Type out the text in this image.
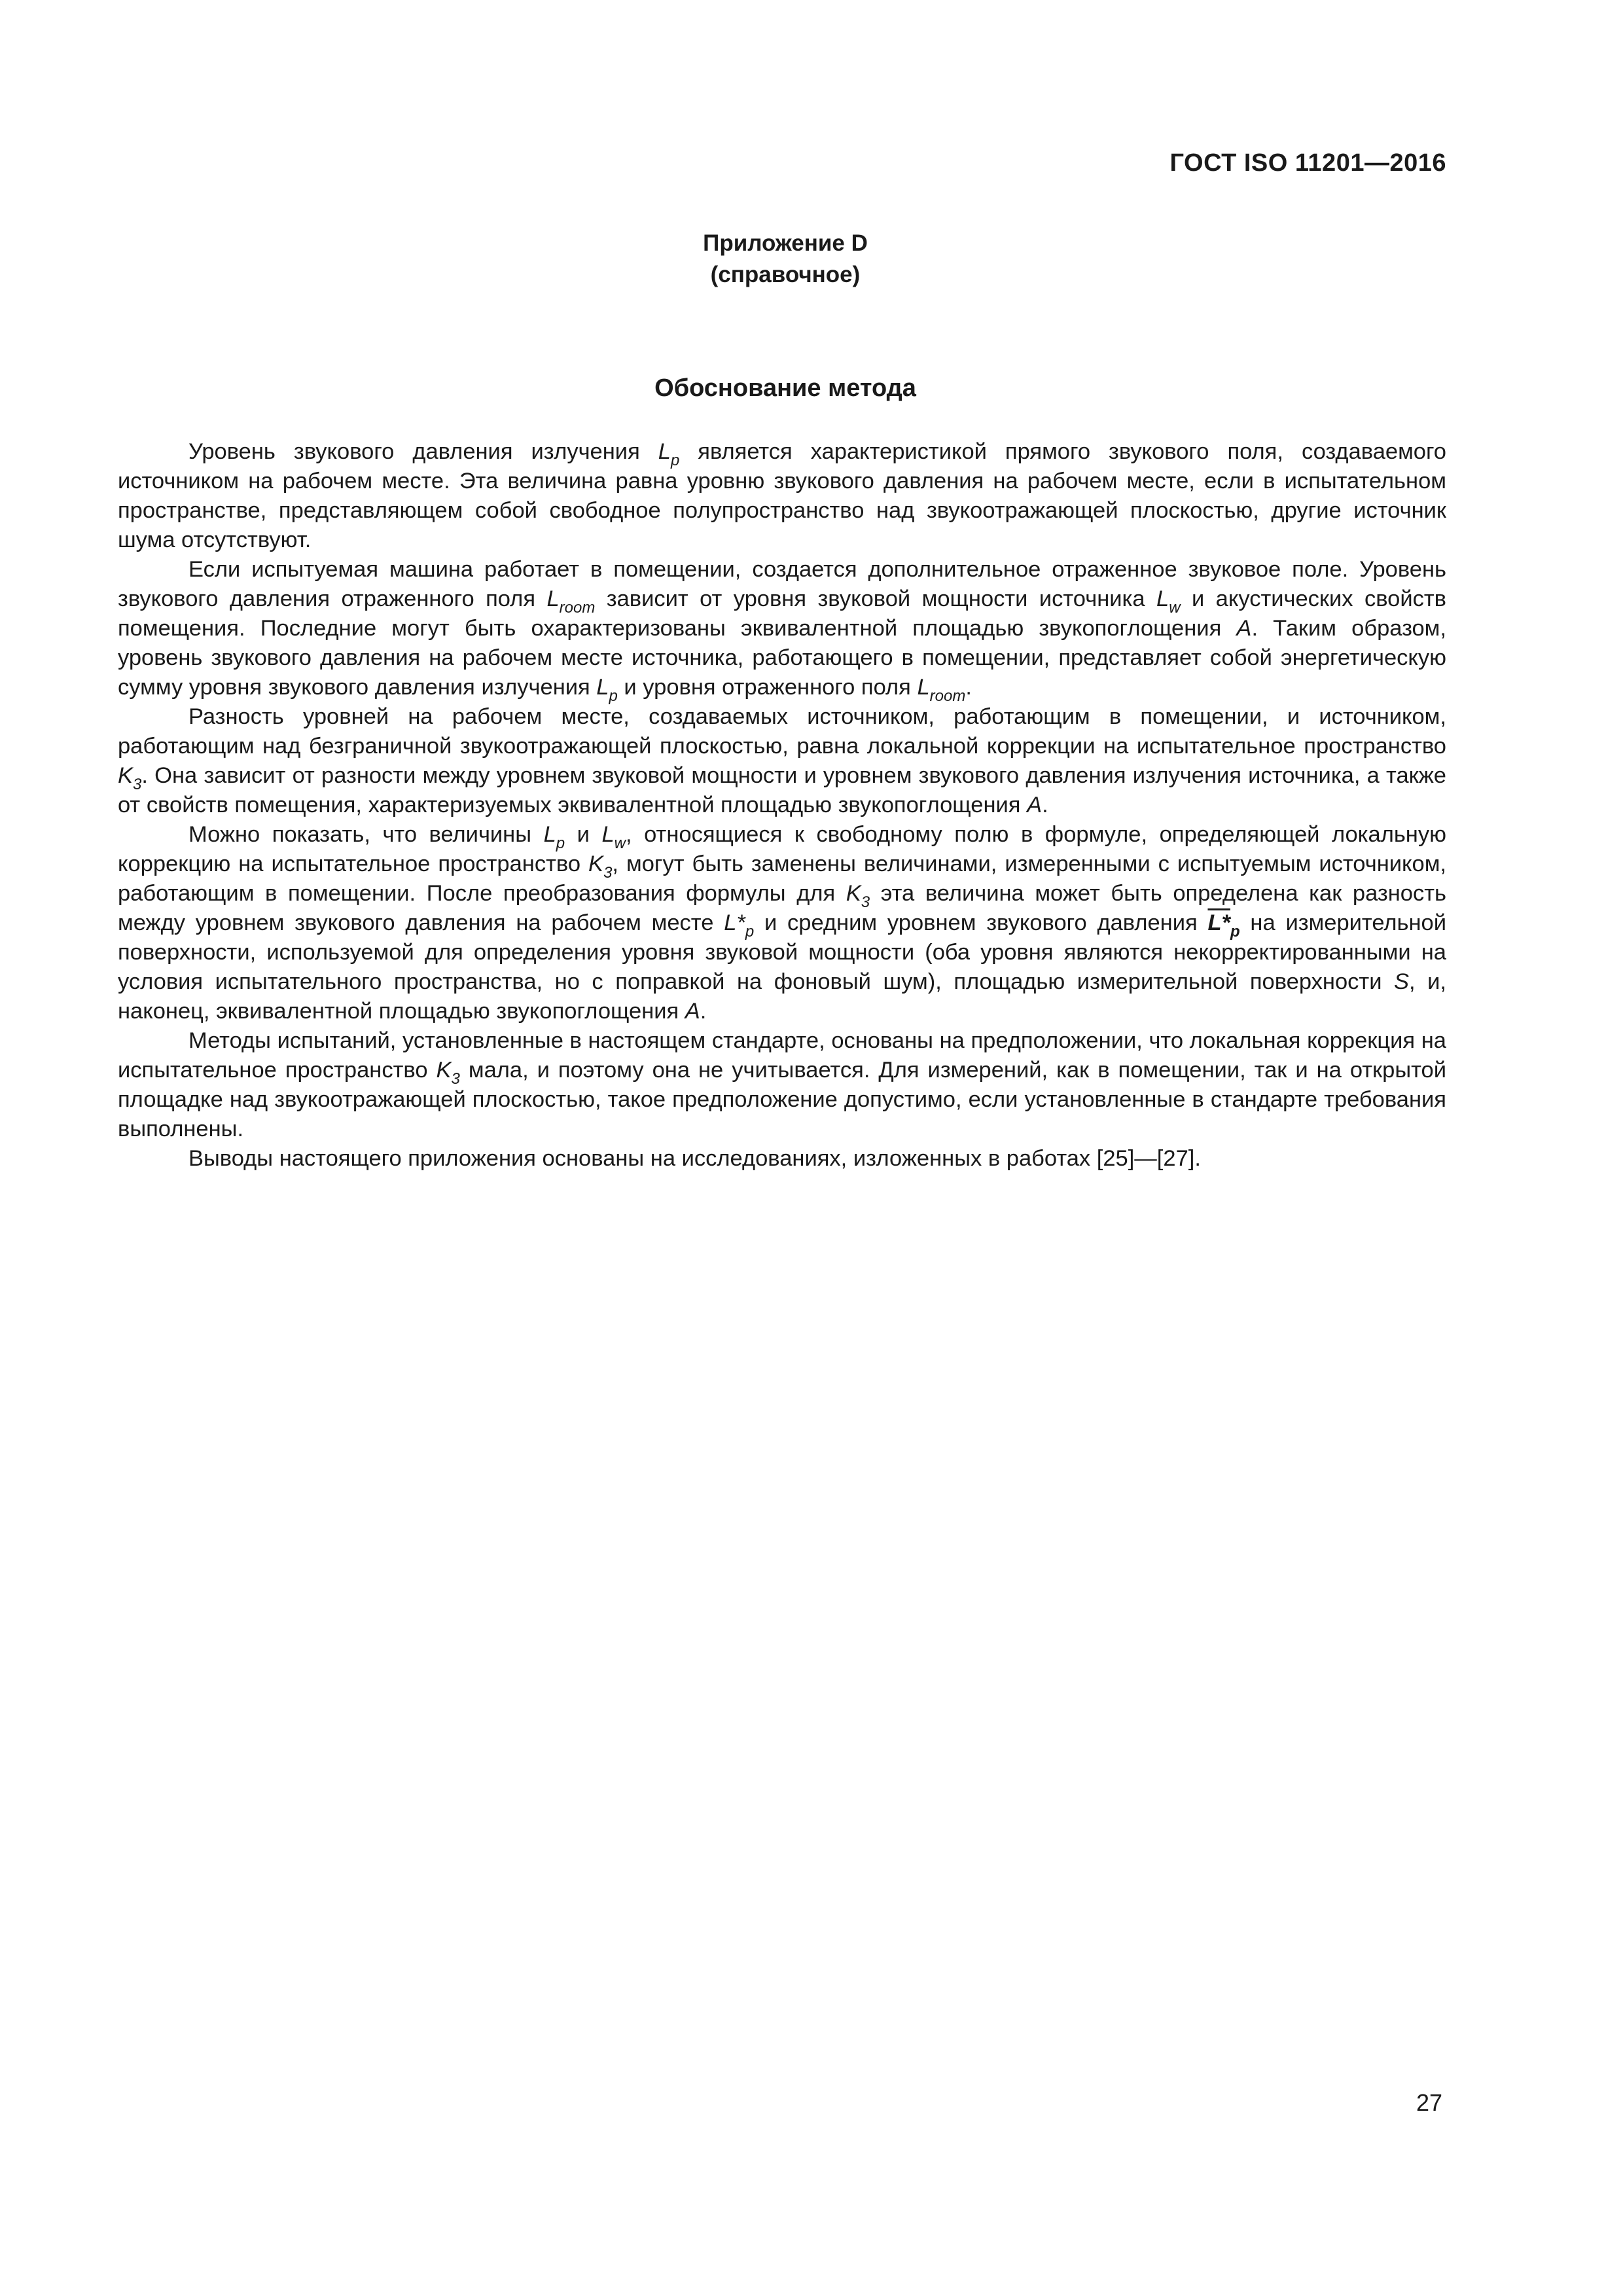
ГОСТ ISO 11201—2016
Приложение D
(справочное)
Обоснование метода

Уровень звукового давления излучения $L_p$ является характеристикой прямого звукового поля, создаваемого источником на рабочем месте. Эта величина равна уровню звукового давления на рабочем месте, если в испытательном пространстве, представляющем собой свободное полупространство над звукоотражающей плоскостью, другие источник шума отсутствуют.

Если испытуемая машина работает в помещении, создается дополнительное отраженное звуковое поле. Уровень звукового давления отраженного поля $L_{room}$ зависит от уровня звуковой мощности источника $L_w$ и акустических свойств помещения. Последние могут быть охарактеризованы эквивалентной площадью звукопоглощения A. Таким образом, уровень звукового давления на рабочем месте источника, работающего в помещении, представляет собой энергетическую сумму уровня звукового давления излучения $L_p$ и уровня отраженного поля $L_{room}$.

Разность уровней на рабочем месте, создаваемых источником, работающим в помещении, и источником, работающим над безграничной звукоотражающей плоскостью, равна локальной коррекции на испытательное пространство $K_3$. Она зависит от разности между уровнем звуковой мощности и уровнем звукового давления излучения источника, а также от свойств помещения, характеризуемых эквивалентной площадью звукопоглощения A.

Можно показать, что величины $L_p$ и $L_w$, относящиеся к свободному полю в формуле, определяющей локальную коррекцию на испытательное пространство $K_3$, могут быть заменены величинами, измеренными с испытуемым источником, работающим в помещении. После преобразования формулы для $K_3$ эта величина может быть определена как разность между уровнем звукового давления на рабочем месте $L*_p$ и средним уровнем звукового давления $L*_p$ на измерительной поверхности, используемой для определения уровня звуковой мощности (оба уровня являются некорректированными на условия испытательного пространства, но с поправкой на фоновый шум), площадью измерительной поверхности S, и, наконец, эквивалентной площадью звукопоглощения A.

Методы испытаний, установленные в настоящем стандарте, основаны на предположении, что локальная коррекция на испытательное пространство $K_3$ мала, и поэтому она не учитывается. Для измерений, как в помещении, так и на открытой площадке над звукоотражающей плоскостью, такое предположение допустимо, если установленные в стандарте требования выполнены.

Выводы настоящего приложения основаны на исследованиях, изложенных в работах [25]—[27].

27
